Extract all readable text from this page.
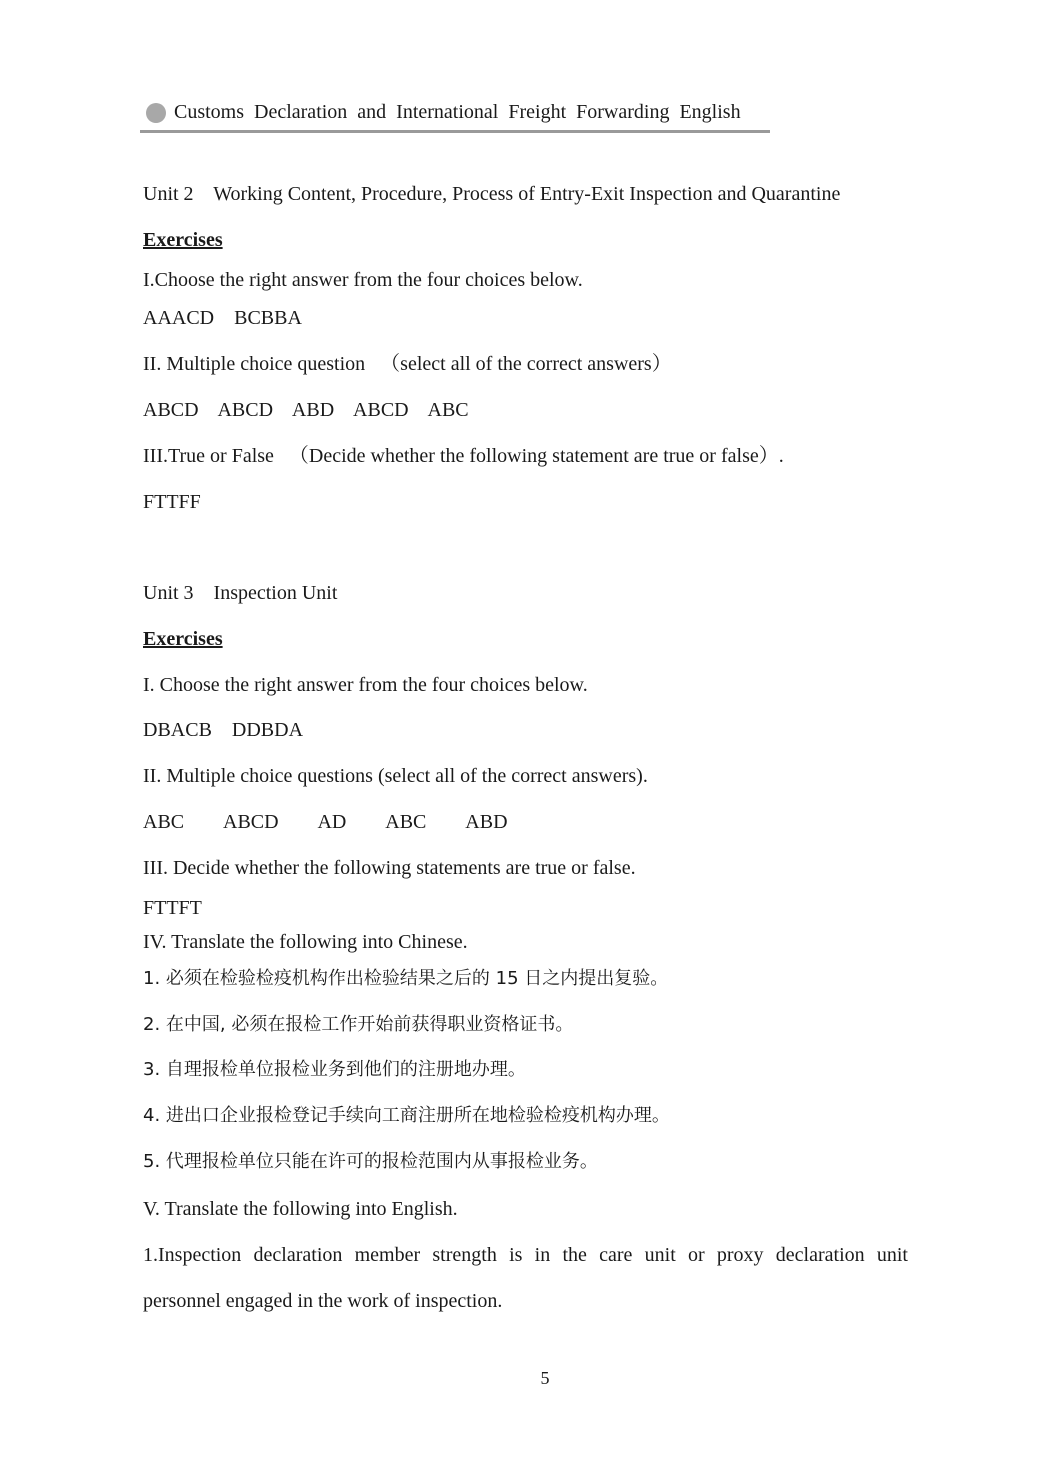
Customs Declaration and International Freight Forwarding English
Unit 2    Working Content, Procedure, Process of Entry-Exit Inspection and Quarantine
Exercises
I.Choose the right answer from the four choices below.
AAACD    BCBBA
II. Multiple choice question   （select all of the correct answers）
ABCD    ABCD    ABD    ABCD    ABC
III.True or False   （Decide whether the following statement are true or false）.
FTTFF
Unit 3    Inspection Unit
Exercises
I. Choose the right answer from the four choices below.
DBACB    DDBDA
II. Multiple choice questions (select all of the correct answers).
ABC        ABCD        AD        ABC        ABD
III. Decide whether the following statements are true or false.
FTTFT
IV. Translate the following into Chinese.
1. 必须在检验检疫机构作出检验结果之后的 15 日之内提出复验。
2. 在中国, 必须在报检工作开始前获得职业资格证书。
3. 自理报检单位报检业务到他们的注册地办理。
4. 进出口企业报检登记手续向工商注册所在地检验检疫机构办理。
5. 代理报检单位只能在许可的报检范围内从事报检业务。
V. Translate the following into English.
1.Inspection declaration member strength is in the care unit or proxy declaration unit
personnel engaged in the work of inspection.
5
